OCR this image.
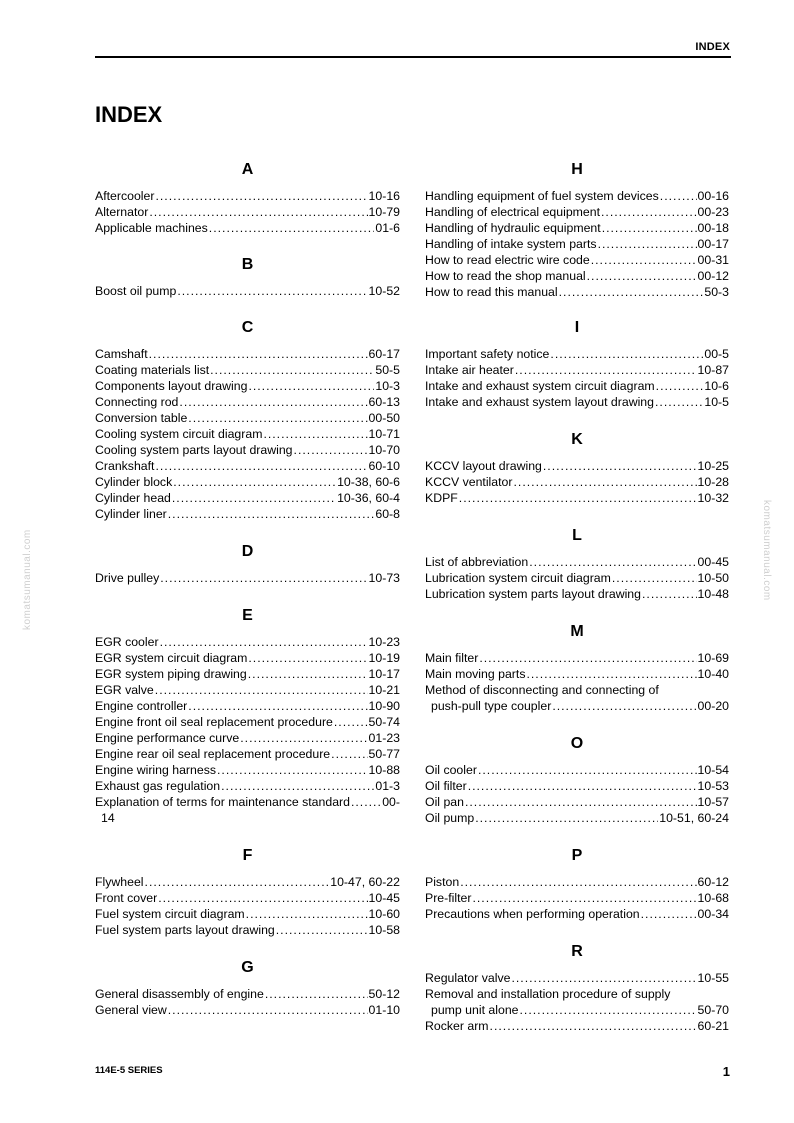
INDEX
INDEX
komatsumanual.com	komatsumanual.com
A
Aftercooler .....	10-16
Alternator .....	10-79
Applicable machines .....	01-6
B
Boost oil pump .....	10-52
C
Camshaft .....	60-17
Coating materials list .....	50-5
Components layout drawing .....	10-3
Connecting rod .....	60-13
Conversion table .....	00-50
Cooling system circuit diagram .....	10-71
Cooling system parts layout drawing .....	10-70
Crankshaft .....	60-10
Cylinder block .....	10-38, 60-6
Cylinder head .....	10-36, 60-4
Cylinder liner .....	60-8
D
Drive pulley .....	10-73
E
EGR cooler .....	10-23
EGR system circuit diagram .....	10-19
EGR system piping drawing .....	10-17
EGR valve .....	10-21
Engine controller .....	10-90
Engine front oil seal replacement procedure .....	50-74
Engine performance curve .....	01-23
Engine rear oil seal replacement procedure .....	50-77
Engine wiring harness .....	10-88
Exhaust gas regulation .....	01-3
Explanation of terms for maintenance standard .....	00-
14
F
Flywheel .....	10-47, 60-22
Front cover .....	10-45
Fuel system circuit diagram .....	10-60
Fuel system parts layout drawing .....	10-58
G
General disassembly of engine .....	50-12
General view .....	01-10
H
Handling equipment of fuel system devices .....	00-16
Handling of electrical equipment .....	00-23
Handling of hydraulic equipment .....	00-18
Handling of intake system parts .....	00-17
How to read electric wire code .....	00-31
How to read the shop manual .....	00-12
How to read this manual .....	50-3
I
Important safety notice .....	00-5
Intake air heater .....	10-87
Intake and exhaust system circuit diagram .....	10-6
Intake and exhaust system layout drawing .....	10-5
K
KCCV layout drawing .....	10-25
KCCV ventilator .....	10-28
KDPF .....	10-32
L
List of abbreviation .....	00-45
Lubrication system circuit diagram .....	10-50
Lubrication system parts layout drawing .....	10-48
M
Main filter .....	10-69
Main moving parts .....	10-40
Method of disconnecting and connecting of
push-pull type coupler .....	00-20
O
Oil cooler .....	10-54
Oil filter .....	10-53
Oil pan .....	10-57
Oil pump .....	10-51, 60-24
P
Piston .....	60-12
Pre-filter .....	10-68
Precautions when performing operation .....	00-34
R
Regulator valve .....	10-55
Removal and installation procedure of supply
pump unit alone .....	50-70
Rocker arm .....	60-21
114E-5 SERIES	1
